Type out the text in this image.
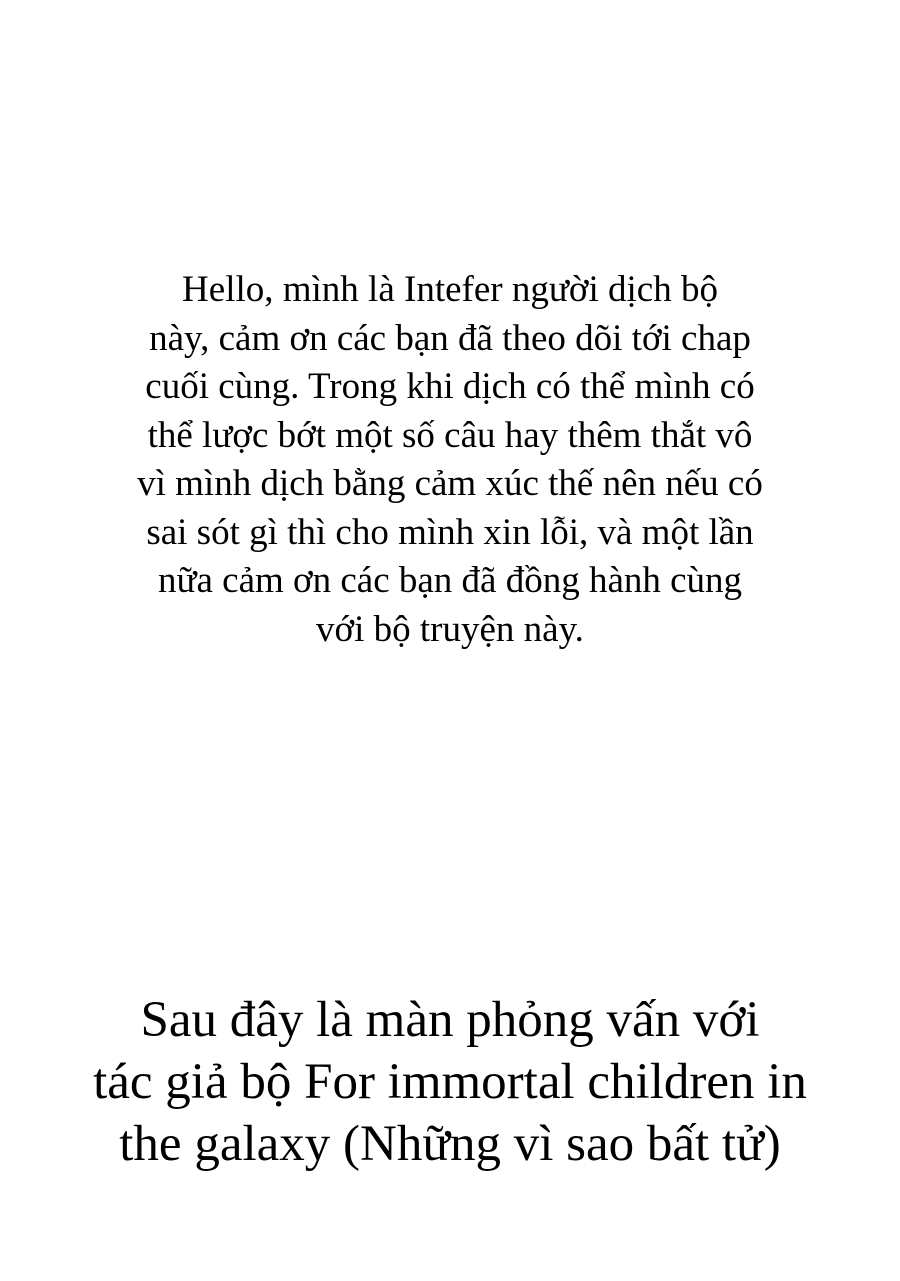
Hello, mình là Intefer người dịch bộ
này, cảm ơn các bạn đã theo dõi tới chap
cuối cùng. Trong khi dịch có thể mình có
thể lược bớt một số câu hay thêm thắt vô
vì mình dịch bằng cảm xúc thế nên nếu có
sai sót gì thì cho mình xin lỗi, và một lần
nữa cảm ơn các bạn đã đồng hành cùng
với bộ truyện này.
Sau đây là màn phỏng vấn với
tác giả bộ For immortal children in
the galaxy (Những vì sao bất tử)
